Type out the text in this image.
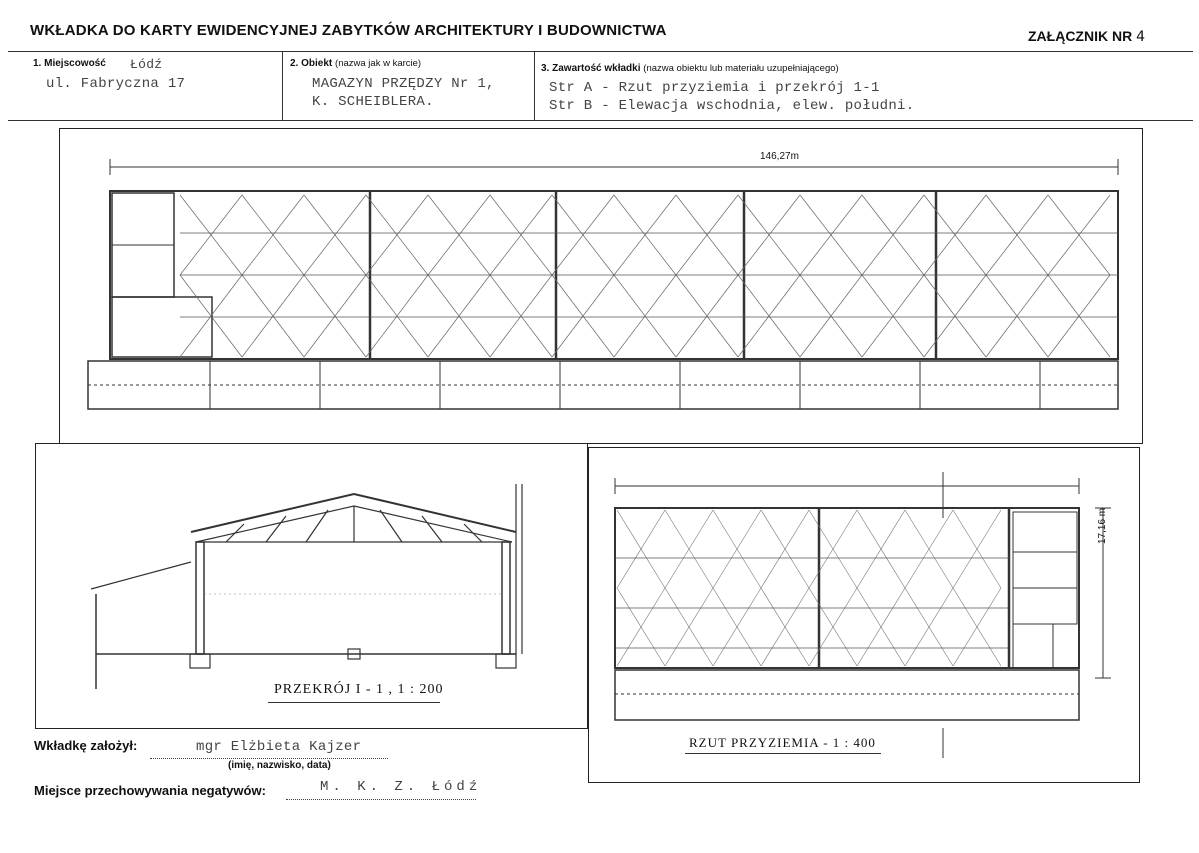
WKŁADKA DO KARTY EWIDENCYJNEJ ZABYTKÓW ARCHITEKTURY I BUDOWNICTWA	ZAŁĄCZNIK NR 4
1. Miejscowość Łódź
ul. Fabryczna 17
2. Obiekt (nazwa jak w karcie)
MAGAZYN PRZĘDZY Nr 1,
K. SCHEIBLERA.
3. Zawartość wkładki (nazwa obiektu lub materiału uzupełniającego)
Str A - Rzut przyziemia i przekrój 1-1
Str B - Elewacja wschodnia, elew. południ.
146,27m
PRZEKRÓJ I - 1 , 1 : 200
17,16 m
RZUT PRZYZIEMIA - 1 : 400
Wkładkę założył:	mgr Elżbieta Kajzer
(imię, nazwisko, data)
Miejsce przechowywania negatywów:	M. K. Z. Łódź
